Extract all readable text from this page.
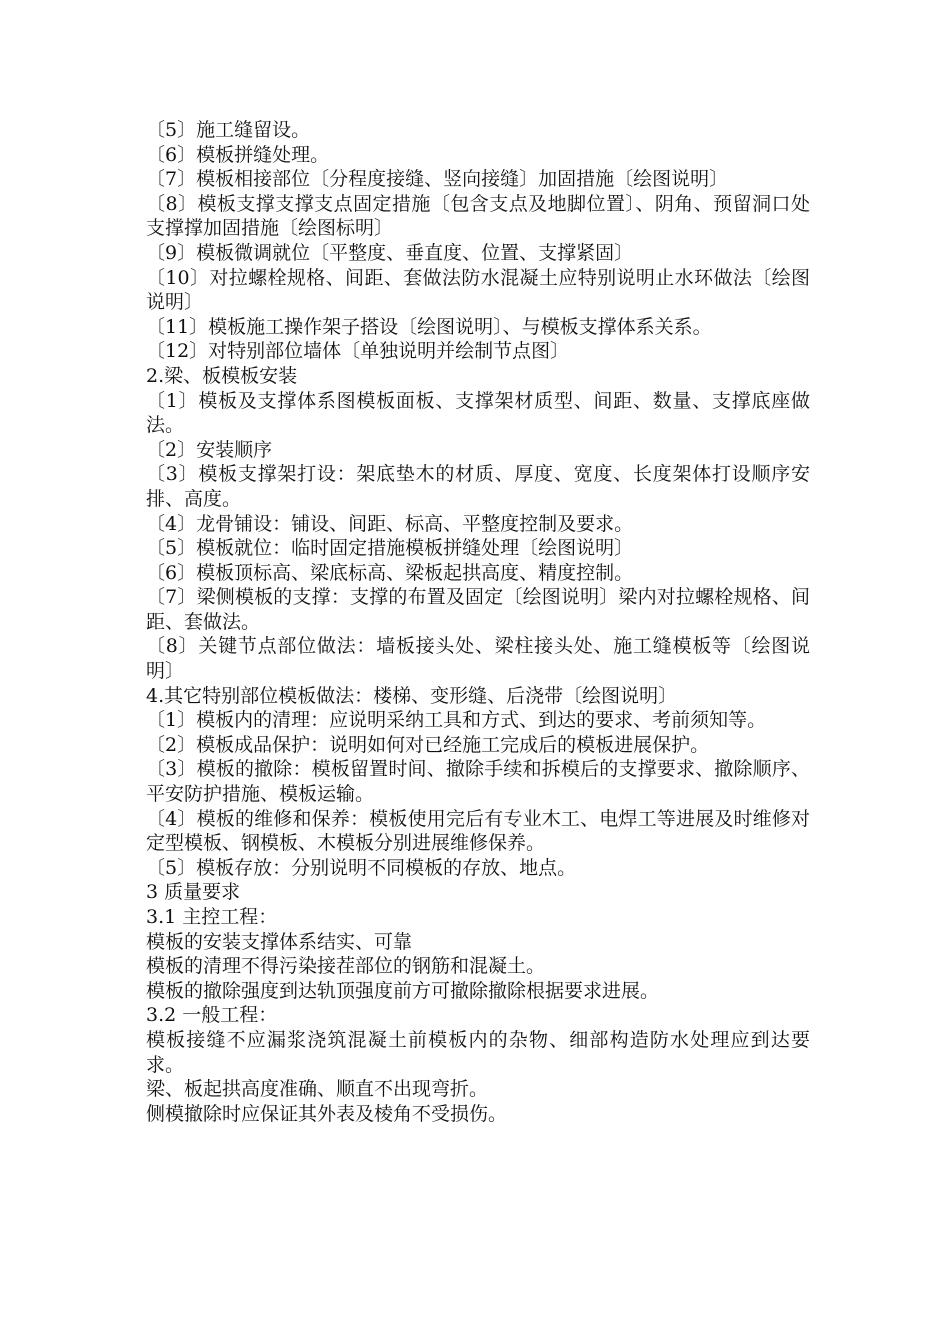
〔5〕施工缝留设。

〔6〕模板拼缝处理。

〔7〕模板相接部位〔分程度接缝、竖向接缝〕加固措施〔绘图说明〕

〔8〕模板支撑支撑支点固定措施〔包含支点及地脚位置〕、阴角、预留洞口处支撑撑加固措施〔绘图标明〕

〔9〕模板微调就位〔平整度、垂直度、位置、支撑紧固〕

〔10〕对拉螺栓规格、间距、套做法防水混凝土应特别说明止水环做法〔绘图说明〕

〔11〕模板施工操作架子搭设〔绘图说明〕、与模板支撑体系关系。

〔12〕对特别部位墙体〔单独说明并绘制节点图〕

2.梁、板模板安装

〔1〕模板及支撑体系图模板面板、支撑架材质型、间距、数量、支撑底座做法。

〔2〕安装顺序

〔3〕模板支撑架打设：架底垫木的材质、厚度、宽度、长度架体打设顺序安排、高度。

〔4〕龙骨铺设：铺设、间距、标高、平整度控制及要求。

〔5〕模板就位：临时固定措施模板拼缝处理〔绘图说明〕

〔6〕模板顶标高、梁底标高、梁板起拱高度、精度控制。

〔7〕梁侧模板的支撑：支撑的布置及固定〔绘图说明〕梁内对拉螺栓规格、间距、套做法。

〔8〕关键节点部位做法：墙板接头处、梁柱接头处、施工缝模板等〔绘图说明〕

4.其它特别部位模板做法：楼梯、变形缝、后浇带〔绘图说明〕

〔1〕模板内的清理：应说明采纳工具和方式、到达的要求、考前须知等。

〔2〕模板成品保护：说明如何对已经施工完成后的模板进展保护。

〔3〕模板的撤除：模板留置时间、撤除手续和拆模后的支撑要求、撤除顺序、平安防护措施、模板运输。

〔4〕模板的维修和保养：模板使用完后有专业木工、电焊工等进展及时维修对定型模板、钢模板、木模板分别进展维修保养。

〔5〕模板存放：分别说明不同模板的存放、地点。

3 质量要求

3.1 主控工程：

模板的安装支撑体系结实、可靠

模板的清理不得污染接茬部位的钢筋和混凝土。

模板的撤除强度到达轨顶强度前方可撤除撤除根据要求进展。

3.2 一般工程：

模板接缝不应漏浆浇筑混凝土前模板内的杂物、细部构造防水处理应到达要求。

梁、板起拱高度准确、顺直不出现弯折。

侧模撤除时应保证其外表及棱角不受损伤。
